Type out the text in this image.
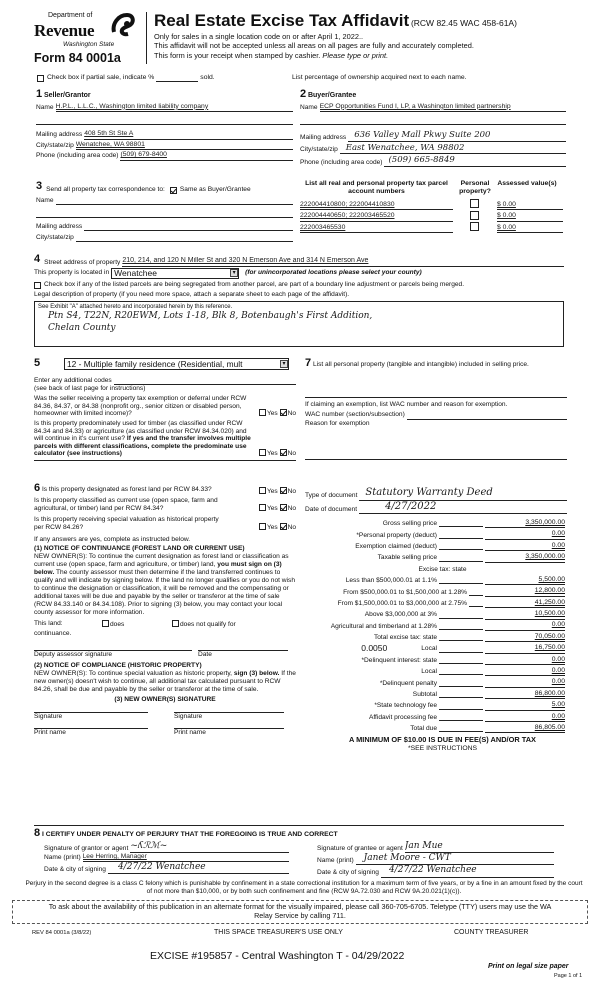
Department of
Revenue
Washington State
Form 84 0001a
Real Estate Excise Tax Affidavit (RCW 82.45 WAC 458-61A)
Only for sales in a single location code on or after April 1, 2022..
This affidavit will not be accepted unless all areas on all pages are fully and accurately completed.
This form is your receipt when stamped by cashier. Please type or print.
Check box if partial sale, indicate %	sold.	List percentage of ownership acquired next to each name.
1 Seller/Grantor
Name H.P.L., L.L.C., Washington limited liability company
Mailing address 408 5th St Ste A
City/state/zip Wenatchee, WA 98801
Phone (including area code) (509) 679-8400
3 Send all property tax correspondence to: Same as Buyer/Grantee
Name
Mailing address
City/state/zip
2 Buyer/Grantee
Name ECP Opportunities Fund I, LP, a Washington limited partnership
Mailing address 636 Valley Mall Pkwy Suite 200
City/state/zip East Wenatchee, WA 98802
Phone (including area code) (509) 665-8849
List all real and personal property tax parcel account numbers
Personal property?
Assessed value(s)
222004410800; 222004410830	$ 0.00
222004440650; 222003465520	$ 0.00
222003465530	$ 0.00
4 Street address of property 210, 214, and 120 N Miller St and 320 N Emerson Ave and 314 N Emerson Ave
This property is located in Wenatchee	▾	(for unincorporated locations please select your county)
Check box if any of the listed parcels are being segregated from another parcel, are part of a boundary line adjustment or parcels being merged.
Legal description of property (if you need more space, attach a separate sheet to each page of the affidavit).
See Exhibit "A" attached hereto and incorporated herein by this reference.
Ptn S4, T22N, R20EWM, Lots 1-18, Blk 8, Botenbaugh's First Addition,
Chelan County
5	12 - Multiple family residence (Residential, mult	▾
Enter any additional codes
(see back of last page for instructions)
Was the seller receiving a property tax exemption or deferral under RCW 84.36, 84.37, or 84.38 (nonprofit org., senior citizen or disabled person, homeowner with limited income)?	Yes No
Is this property predominately used for timber (as classified under RCW 84.34 and 84.33) or agriculture (as classified under RCW 84.34.020) and will continue in it's current use? If yes and the transfer involves multiple parcels with different classifications, complete the predominate use calculator (see instructions)	Yes No
7 List all personal property (tangible and intangible) included in selling price.
If claiming an exemption, list WAC number and reason for exemption.
WAC number (section/subsection)
Reason for exemption
6 Is this property designated as forest land per RCW 84.33?	Yes No
Is this property classified as current use (open space, farm and agricultural, or timber) land per RCW 84.34?	Yes No
Is this property receiving special valuation as historical property per RCW 84.26?	Yes No
If any answers are yes, complete as instructed below.
(1) NOTICE OF CONTINUANCE (FOREST LAND OR CURRENT USE)
NEW OWNER(S): To continue the current designation as forest land or classification as current use (open space, farm and agriculture, or timber) land, you must sign on (3) below. The county assessor must then determine if the land transferred continues to qualify and will indicate by signing below. If the land no longer qualifies or you do not wish to continue the designation or classification, it will be removed and the compensating or additional taxes will be due and payable by the seller or transferor at the time of sale (RCW 84.33.140 or 84.34.108). Prior to signing (3) below, you may contact your local county assessor for more information.
This land:	does	does not qualify for
continuance.
Deputy assessor signature	Date
(2) NOTICE OF COMPLIANCE (HISTORIC PROPERTY)
NEW OWNER(S): To continue special valuation as historic property, sign (3) below. If the new owner(s) doesn't wish to continue, all additional tax calculated pursuant to RCW 84.26, shall be due and payable by the seller or transferor at the time of sale.
(3) NEW OWNER(S) SIGNATURE
Signature	Signature
Print name	Print name
Type of document Statutory Warranty Deed
Date of document	4/27/2022
Gross selling price	3,350,000.00
*Personal property (deduct)	0.00
Exemption claimed (deduct)	0.00
Taxable selling price	3,350,000.00
Excise tax: state
Less than $500,000.01 at 1.1%	5,500.00
From $500,000.01 to $1,500,000 at 1.28%	12,800.00
From $1,500,000.01 to $3,000,000 at 2.75%	41,250.00
Above $3,000,000 at 3%	10,500.00
Agricultural and timberland at 1.28%	0.00
Total excise tax: state	70,050.00
0.0050	Local	16,750.00
*Delinquent interest: state	0.00
Local	0.00
*Delinquent penalty	0.00
Subtotal	86,800.00
*State technology fee	5.00
Affidavit processing fee	0.00
Total due	86,805.00
A MINIMUM OF $10.00 IS DUE IN FEE(S) AND/OR TAX
*SEE INSTRUCTIONS
8 I CERTIFY UNDER PENALTY OF PERJURY THAT THE FOREGOING IS TRUE AND CORRECT
Signature of grantor or agent ~ʎℛℳ~
Name (print) Lee Herring, Manager
Date & city of signing	4/27/22 Wenatchee
Signature of grantee or agent Jan Mue
Name (print)	Janet Moore - CWT
Date & city of signing	4/27/22 Wenatchee
Perjury in the second degree is a class C felony which is punishable by confinement in a state correctional institution for a maximum term of five years, or by a fine in an amount fixed by the court of not more than $10,000, or by both such confinement and fine (RCW 9A.72.030 and RCW 9A.20.021(1)(c)).
To ask about the availability of this publication in an alternate format for the visually impaired, please call 360-705-6705. Teletype (TTY) users may use the WA Relay Service by calling 711.
REV 84 0001a (3/8/22)	THIS SPACE TREASURER'S USE ONLY	COUNTY TREASURER
EXCISE #195857 - Central Washington T - 04/29/2022
Print on legal size paper
Page 1 of 1
